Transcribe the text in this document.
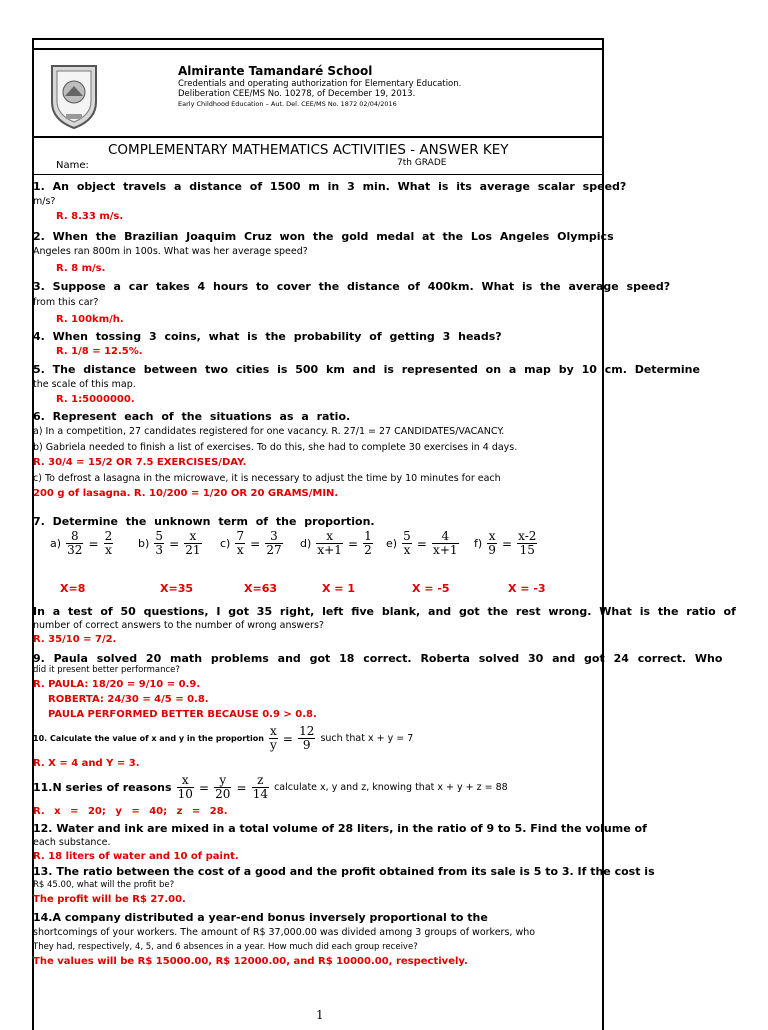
Almirante Tamandaré School
Credentials and operating authorization for Elementary Education.
Deliberation CEE/MS No. 10278, of December 19, 2013.
Early Childhood Education – Aut. Del. CEE/MS No. 1872 02/04/2016
COMPLEMENTARY MATHEMATICS ACTIVITIES - ANSWER KEY
Name:	7th GRADE
1. An object travels a distance of 1500 m in 3 min. What is its average scalar speed?
m/s?
R. 8.33 m/s.
2. When the Brazilian Joaquim Cruz won the gold medal at the Los Angeles Olympics
Angeles ran 800m in 100s. What was her average speed?
R. 8 m/s.
3. Suppose a car takes 4 hours to cover the distance of 400km. What is the average speed?
from this car?
R. 100km/h.
4. When tossing 3 coins, what is the probability of getting 3 heads?
R. 1/8 = 12.5%.
5. The distance between two cities is 500 km and is represented on a map by 10 cm. Determine
the scale of this map.
R. 1:5000000.
6. Represent each of the situations as a ratio.
a) In a competition, 27 candidates registered for one vacancy. R. 27/1 = 27 CANDIDATES/VACANCY.
b) Gabriela needed to finish a list of exercises. To do this, she had to complete 30 exercises in 4 days.
R. 30/4 = 15/2 OR 7.5 EXERCISES/DAY.
c) To defrost a lasagna in the microwave, it is necessary to adjust the time by 10 minutes for each
200 g of lasagna. R. 10/200 = 1/20 OR 20 GRAMS/MIN.
7. Determine the unknown term of the proportion.
$a) \frac{8}{32} = \frac{2}{x} b) \frac{5}{3} = \frac{x}{21} c) \frac{7}{x} = \frac{3}{27} d) \frac{x}{x+1} = \frac{1}{2} e) \frac{5}{x} = \frac{4}{x+1} f) \frac{x}{9} = \frac{x-2}{15}$
X=8	X=35	X=63	X = 1	X = -5	X = -3
In a test of 50 questions, I got 35 right, left five blank, and got the rest wrong. What is the ratio of
number of correct answers to the number of wrong answers?
R. 35/10 = 7/2.
9. Paula solved 20 math problems and got 18 correct. Roberta solved 30 and got 24 correct. Who
did it present better performance?
R. PAULA: 18/20 = 9/10 = 0.9.
ROBERTA: 24/30 = 4/5 = 0.8.
PAULA PERFORMED BETTER BECAUSE 0.9 > 0.8.
10. Calculate the value of x and y in the proportion $\frac{x}{y} = \frac{12}{9}$ such that x + y = 7
R. X = 4 and Y = 3.
11.N series of reasons $\frac{x}{10} = \frac{y}{20} = \frac{z}{14}$ calculate x, y and z, knowing that x + y + z = 88
R. x = 20; y = 40; z = 28.
12. Water and ink are mixed in a total volume of 28 liters, in the ratio of 9 to 5. Find the volume of
each substance.
R. 18 liters of water and 10 of paint.
13. The ratio between the cost of a good and the profit obtained from its sale is 5 to 3. If the cost is
R$ 45.00, what will the profit be?
The profit will be R$ 27.00.
14.A company distributed a year-end bonus inversely proportional to the
shortcomings of your workers. The amount of R$ 37,000.00 was divided among 3 groups of workers, who
They had, respectively, 4, 5, and 6 absences in a year. How much did each group receive?
The values will be R$ 15000.00, R$ 12000.00, and R$ 10000.00, respectively.
1
